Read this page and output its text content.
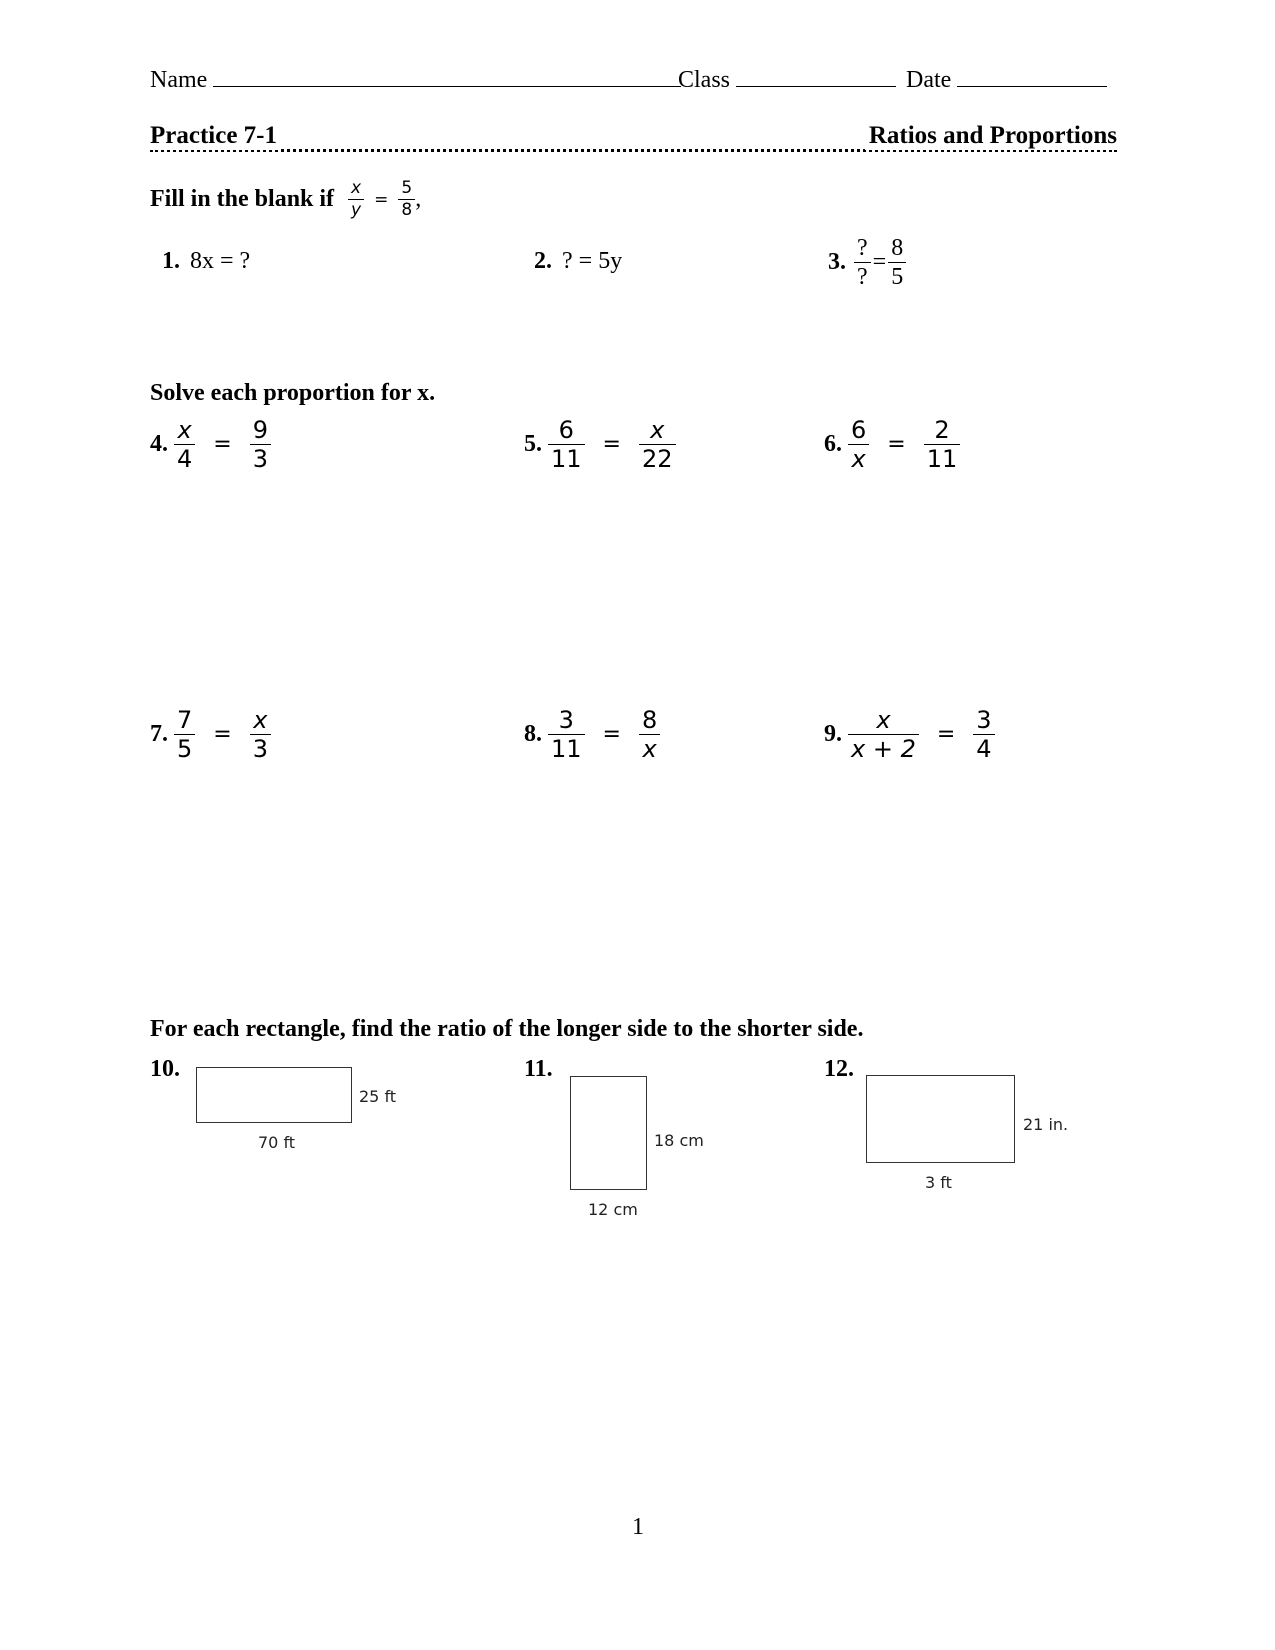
Name	Class	Date
Practice 7-1	Ratios and Proportions
Fill in the blank if $\frac{x}{y} = \frac{5}{8}$ ,
1. 8x = ?	2. ? = 5y	3. $\frac{?}{?} = \frac{8}{5}$
Solve each proportion for x.
4. $\frac{x}{4} = \frac{9}{3}$	5. $\frac{6}{11} = \frac{x}{22}$	6. $\frac{6}{x} = \frac{2}{11}$
7. $\frac{7}{5} = \frac{x}{3}$	8. $\frac{3}{11} = \frac{8}{x}$	9. $\frac{x}{x + 2} = \frac{3}{4}$
For each rectangle, find the ratio of the longer side to the shorter side.
10.
25 ft
70 ft
11.
18 cm
12 cm
12.
21 in.
3 ft
1
